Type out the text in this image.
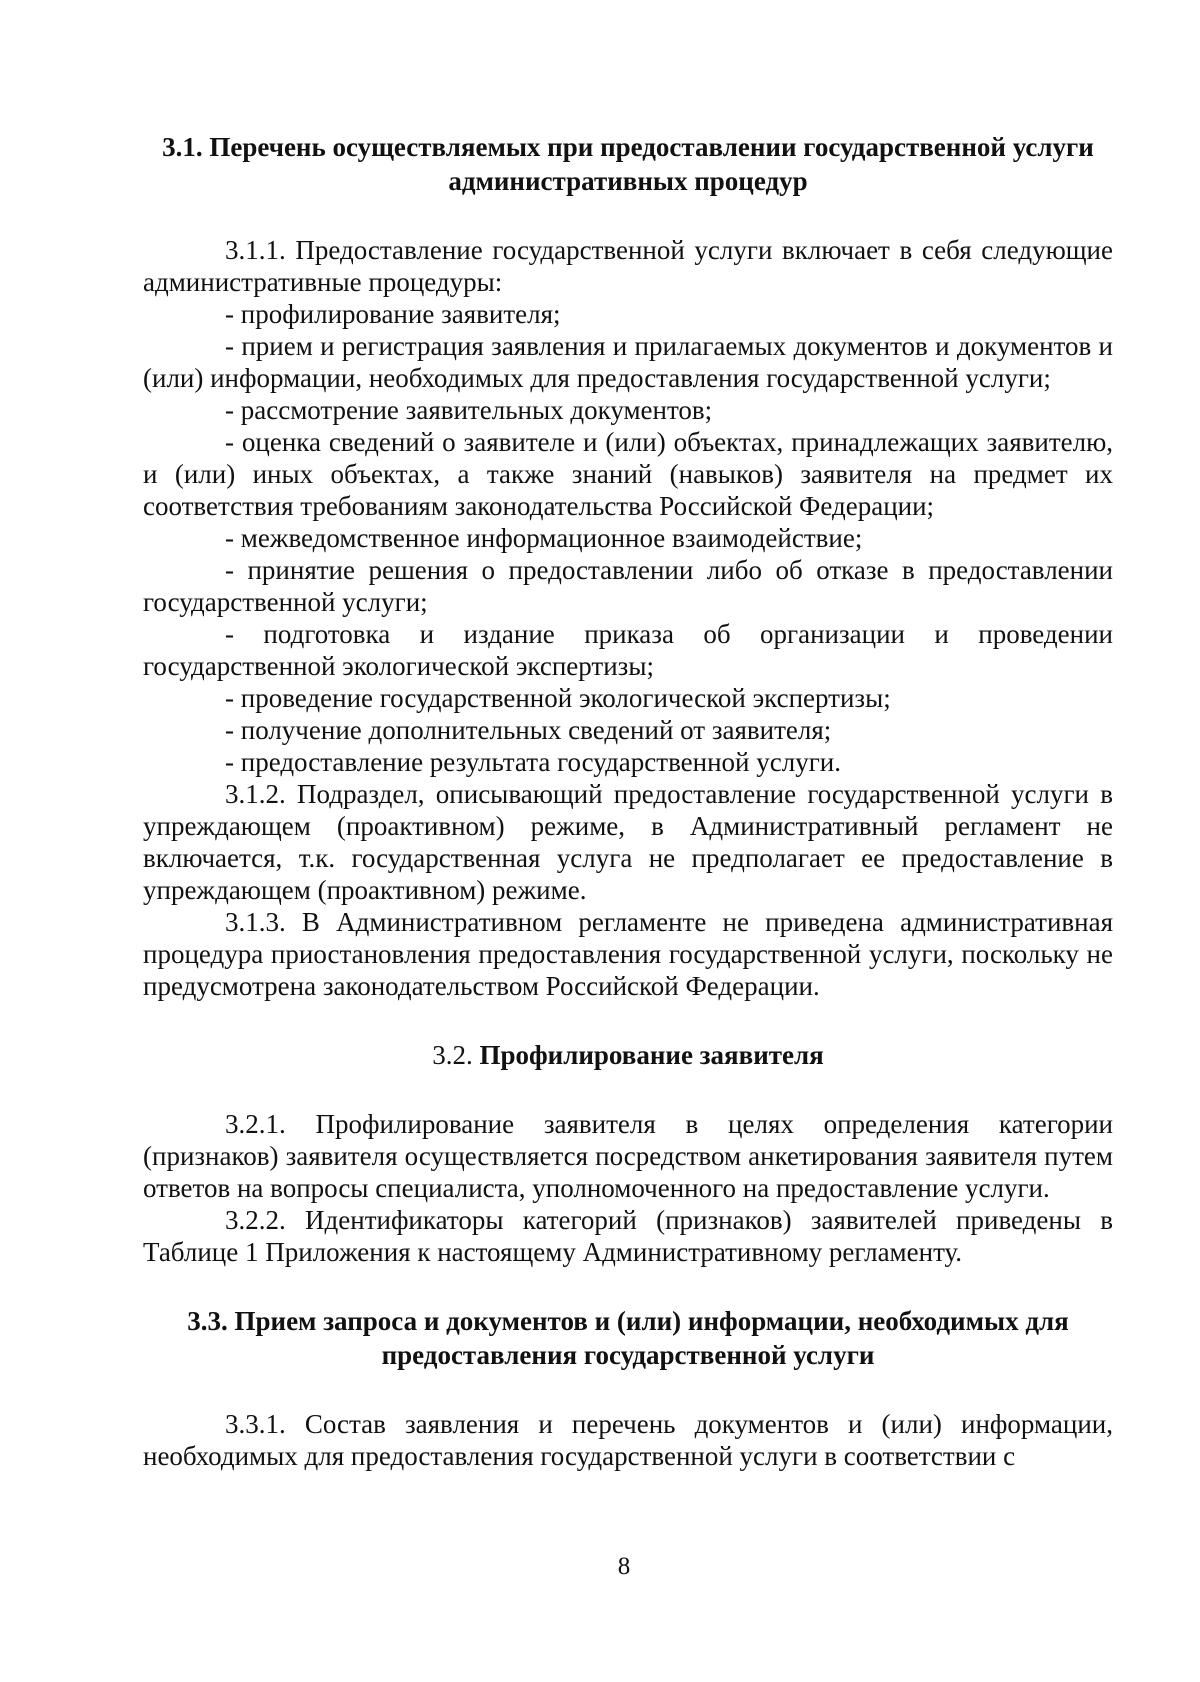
3.1. Перечень осуществляемых при предоставлении государственной услуги административных процедур

3.1.1. Предоставление государственной услуги включает в себя следующие административные процедуры:

- профилирование заявителя;

- прием и регистрация заявления и прилагаемых документов и документов и (или) информации, необходимых для предоставления государственной услуги;

- рассмотрение заявительных документов;

- оценка сведений о заявителе и (или) объектах, принадлежащих заявителю, и (или) иных объектах, а также знаний (навыков) заявителя на предмет их соответствия требованиям законодательства Российской Федерации;

- межведомственное информационное взаимодействие;

- принятие решения о предоставлении либо об отказе в предоставлении государственной услуги;

- подготовка и издание приказа об организации и проведении государственной экологической экспертизы;

- проведение государственной экологической экспертизы;

- получение дополнительных сведений от заявителя;

- предоставление результата государственной услуги.

3.1.2. Подраздел, описывающий предоставление государственной услуги в упреждающем (проактивном) режиме, в Административный регламент не включается, т.к. государственная услуга не предполагает ее предоставление в упреждающем (проактивном) режиме.

3.1.3. В Административном регламенте не приведена административная процедура приостановления предоставления государственной услуги, поскольку не предусмотрена законодательством Российской Федерации.

3.2. Профилирование заявителя

3.2.1. Профилирование заявителя в целях определения категории (признаков) заявителя осуществляется посредством анкетирования заявителя путем ответов на вопросы специалиста, уполномоченного на предоставление услуги.

3.2.2. Идентификаторы категорий (признаков) заявителей приведены в Таблице 1 Приложения к настоящему Административному регламенту.

3.3. Прием запроса и документов и (или) информации, необходимых для предоставления государственной услуги

3.3.1. Состав заявления и перечень документов и (или) информации, необходимых для предоставления государственной услуги в соответствии с

8
